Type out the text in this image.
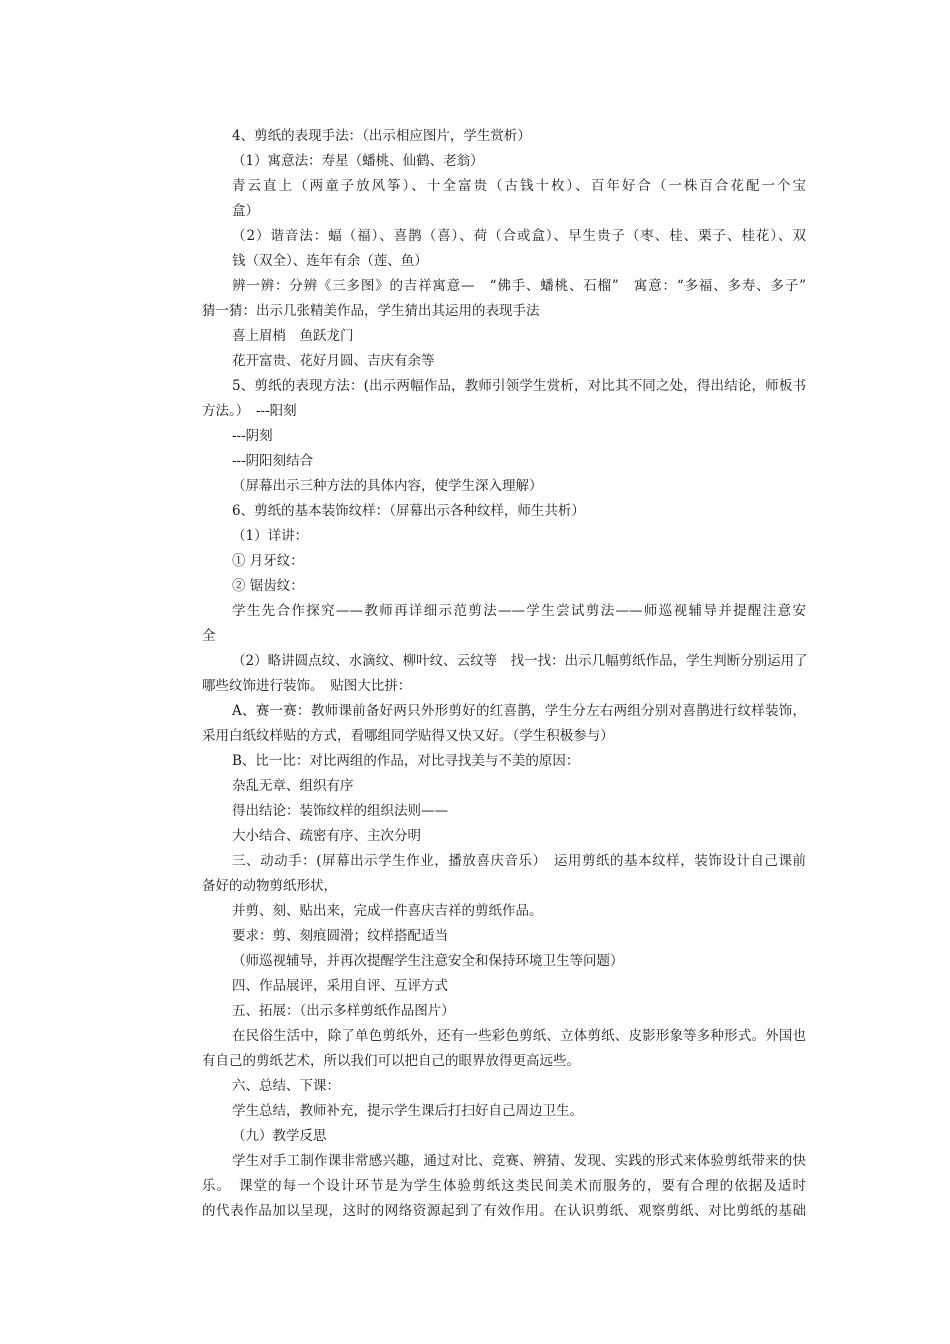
4、剪纸的表现手法：（出示相应图片，学生赏析）
（1）寓意法：寿星（蟠桃、仙鹤、老翁）
青云直上（两童子放风筝）、十全富贵（古钱十枚）、百年好合（一株百合花配一个宝
盒）
（2）谐音法：蝠（福）、喜鹊（喜）、荷（合或盒）、早生贵子（枣、桂、栗子、桂花）、双
钱（双全）、连年有余（莲、鱼）
辨一辨：分辨《三多图》的吉祥寓意—　“佛手、蟠桃、石榴”　寓意：“多福、多寿、多子”
猜一猜：出示几张精美作品，学生猜出其运用的表现手法
喜上眉梢　鱼跃龙门
花开富贵、花好月圆、吉庆有余等
5、剪纸的表现方法：(出示两幅作品，教师引领学生赏析，对比其不同之处，得出结论，师板书
方法。）　---阳刻
---阴刻
---阴阳刻结合
（屏幕出示三种方法的具体内容，使学生深入理解）
6、剪纸的基本装饰纹样：（屏幕出示各种纹样，师生共析）
（1）详讲：
① 月牙纹：
② 锯齿纹：
学生先合作探究——教师再详细示范剪法——学生尝试剪法——师巡视辅导并提醒注意安
全
（2）略讲圆点纹、水滴纹、柳叶纹、云纹等　找一找：出示几幅剪纸作品，学生判断分别运用了
哪些纹饰进行装饰。　贴图大比拼：
A、赛一赛：教师课前备好两只外形剪好的红喜鹊，学生分左右两组分别对喜鹊进行纹样装饰，
采用白纸纹样贴的方式，看哪组同学贴得又快又好。（学生积极参与）
B、比一比：对比两组的作品，对比寻找美与不美的原因：
杂乱无章、组织有序
得出结论：装饰纹样的组织法则——
大小结合、疏密有序、主次分明
三、动动手：(屏幕出示学生作业，播放喜庆音乐）　运用剪纸的基本纹样，装饰设计自己课前
备好的动物剪纸形状，
并剪、刻、贴出来，完成一件喜庆吉祥的剪纸作品。
要求：剪、刻痕圆滑；纹样搭配适当
（师巡视辅导，并再次提醒学生注意安全和保持环境卫生等问题）
四、作品展评，采用自评、互评方式
五、拓展：（出示多样剪纸作品图片）
在民俗生活中，除了单色剪纸外，还有一些彩色剪纸、立体剪纸、皮影形象等多种形式。外国也
有自己的剪纸艺术，所以我们可以把自己的眼界放得更高远些。
六、总结、下课：
学生总结，教师补充，提示学生课后打扫好自己周边卫生。
（九）教学反思
学生对手工制作课非常感兴趣，通过对比、竞赛、辨猜、发现、实践的形式来体验剪纸带来的快
乐。　课堂的每一个设计环节是为学生体验剪纸这类民间美术而服务的，要有合理的依据及适时
的代表作品加以呈现，这时的网络资源起到了有效作用。在认识剪纸、观察剪纸、对比剪纸的基础
